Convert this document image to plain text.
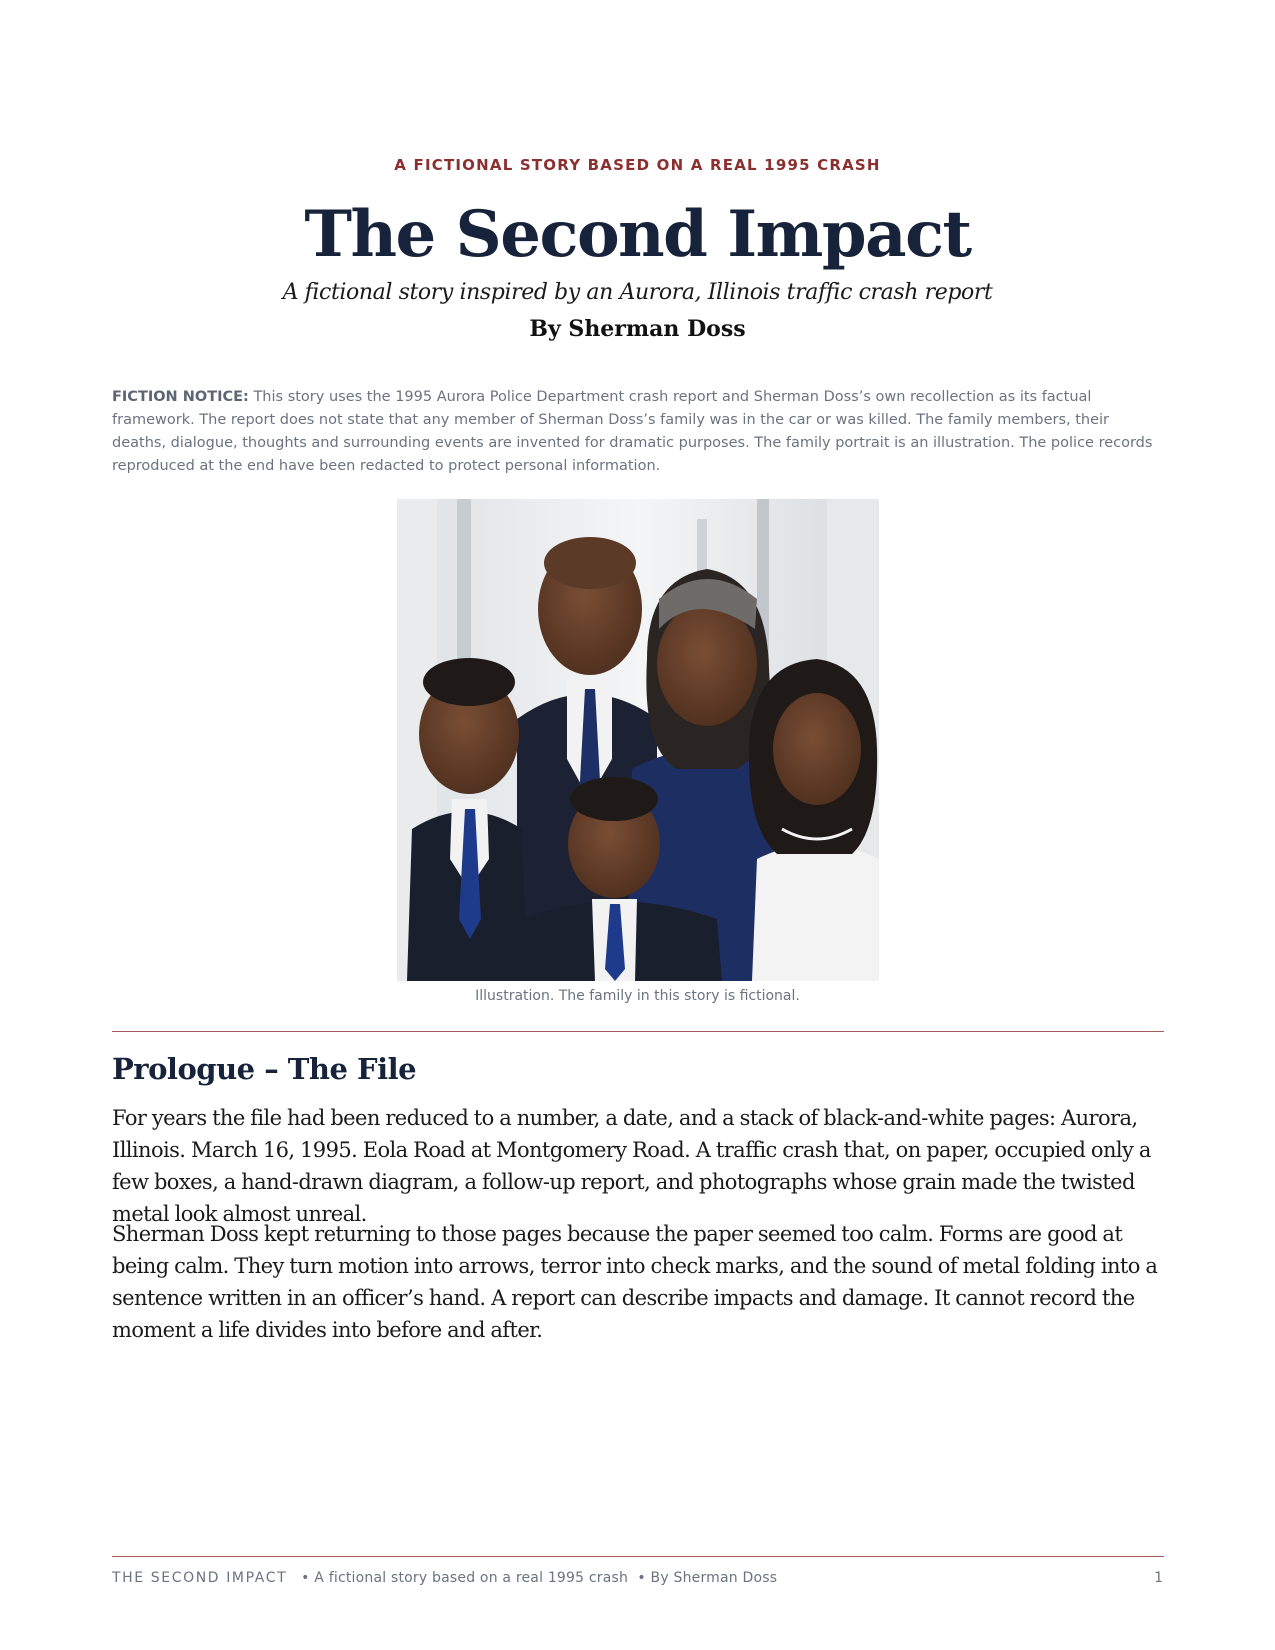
A FICTIONAL STORY BASED ON A REAL 1995 CRASH
The Second Impact
A fictional story inspired by an Aurora, Illinois traffic crash report
By Sherman Doss

FICTION NOTICE: This story uses the 1995 Aurora Police Department crash report and Sherman Doss’s own recollection as its factual framework. The report does not state that any member of Sherman Doss’s family was in the car or was killed. The family members, their deaths, dialogue, thoughts and surrounding events are invented for dramatic purposes. The family portrait is an illustration. The police records reproduced at the end have been redacted to protect personal information.

Illustration. The family in this story is fictional.
Prologue – The File

For years the file had been reduced to a number, a date, and a stack of black-and-white pages: Aurora, Illinois. March 16, 1995. Eola Road at Montgomery Road. A traffic crash that, on paper, occupied only a few boxes, a hand-drawn diagram, a follow-up report, and photographs whose grain made the twisted metal look almost unreal.

Sherman Doss kept returning to those pages because the paper seemed too calm. Forms are good at being calm. They turn motion into arrows, terror into check marks, and the sound of metal folding into a sentence written in an officer’s hand. A report can describe impacts and damage. It cannot record the moment a life divides into before and after.

THE SECOND IMPACT • A fictional story based on a real 1995 crash • By Sherman Doss	1
